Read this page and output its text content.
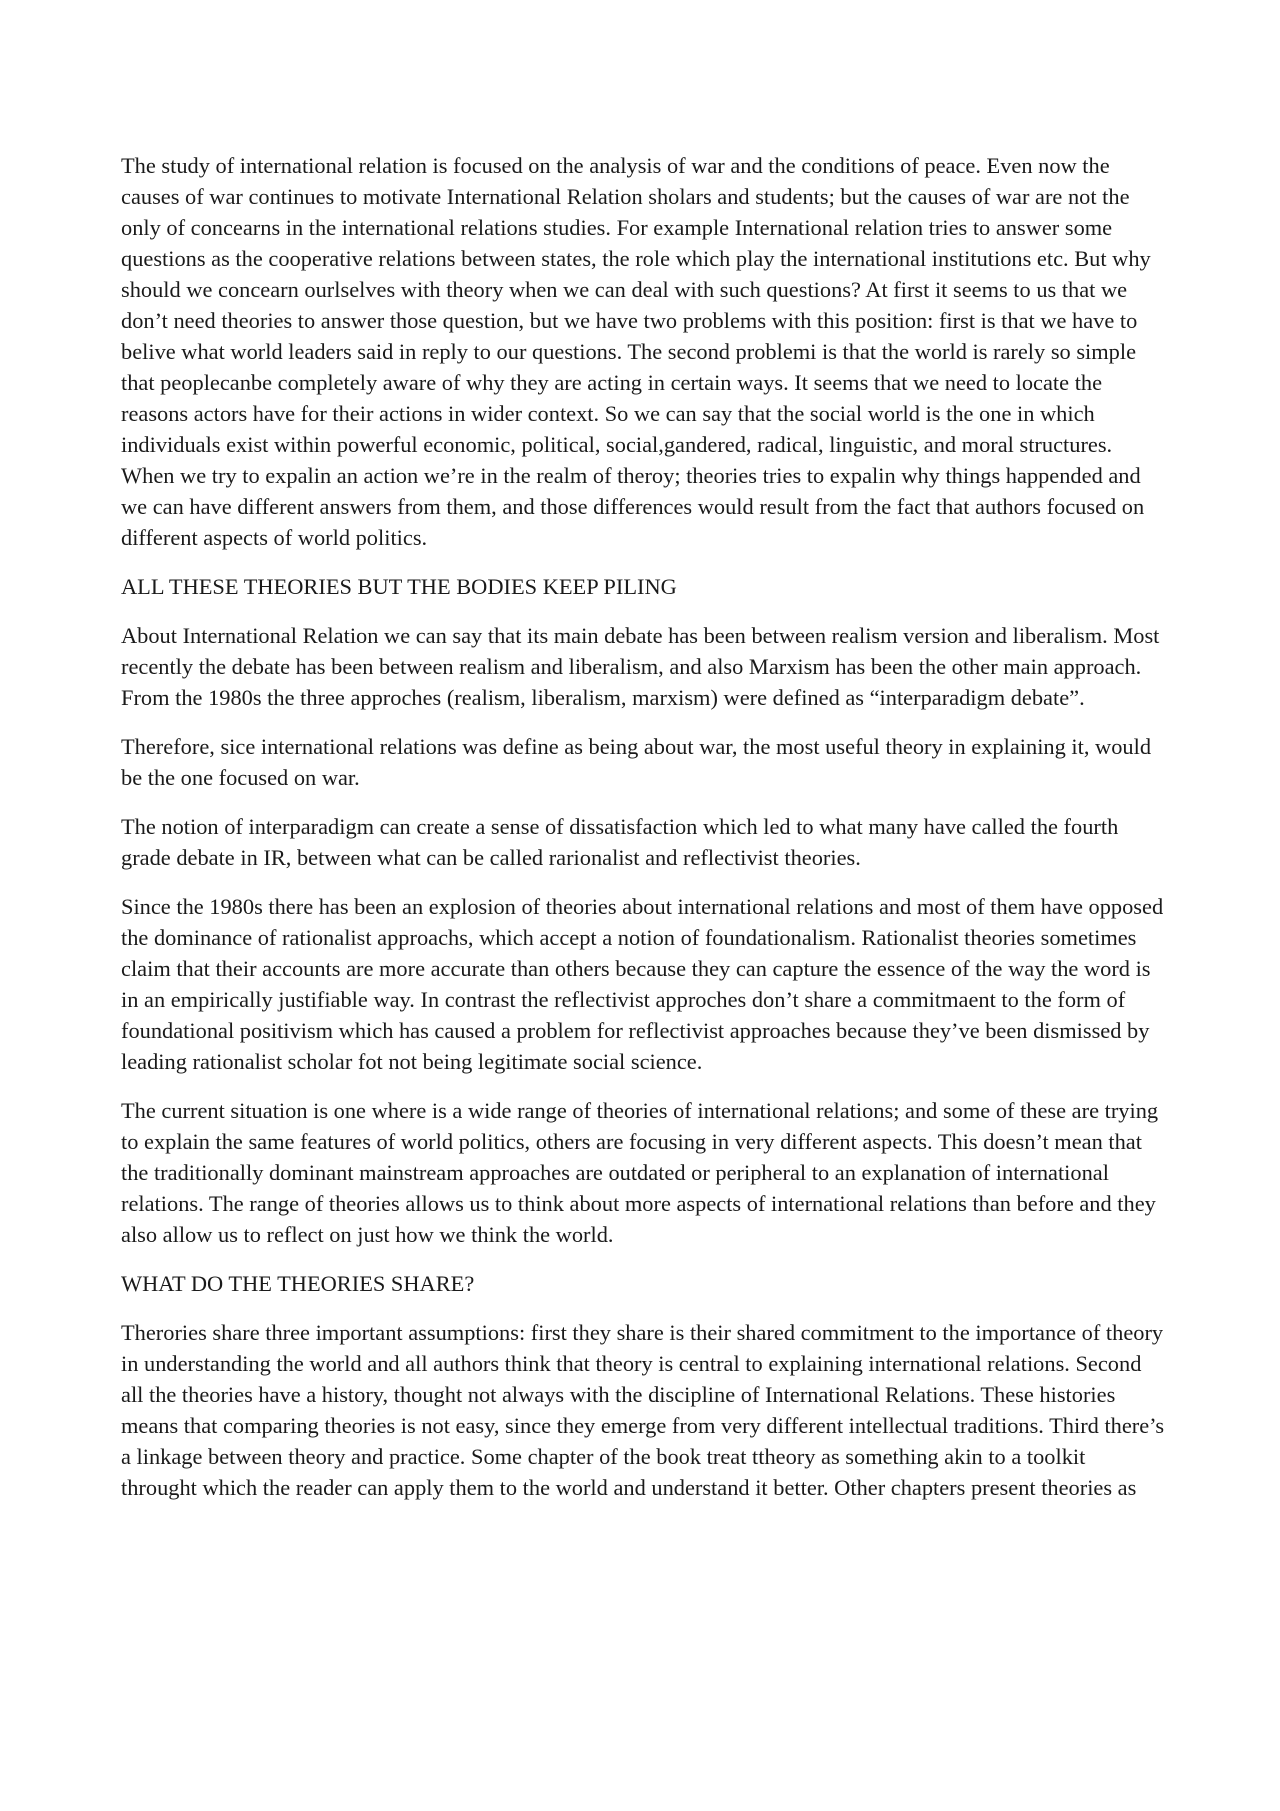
The study of international relation is focused on the analysis of war and the conditions of peace. Even now the causes of war continues to motivate International Relation sholars and students; but the causes of war are not the only of concearns in the international relations studies. For example International relation tries to answer some questions as the cooperative relations between states, the role which play the international institutions etc. But why should we concearn ourlselves with theory when we can deal with such questions? At first it seems to us that we don’t need theories to answer those question, but we have two problems with this position: first is that we have to belive what world leaders said in reply to our questions. The second problemi is that the world is rarely so simple that peoplecanbe completely aware of why they are acting in certain ways. It seems that we need to locate the reasons actors have for their actions in wider context. So we can say that the social world is the one in which individuals exist within powerful economic, political, social,gandered, radical, linguistic, and moral structures. When we try to expalin an action we’re in the realm of theroy; theories tries to expalin why things happended and we can have different answers from them, and those differences would result from the fact that authors focused on different aspects of world politics.

ALL THESE THEORIES BUT THE BODIES KEEP PILING

About International Relation we can say that its main debate has been between realism version and liberalism. Most recently the debate has been between realism and liberalism, and also Marxism has been the other main approach. From the 1980s the three approches (realism, liberalism, marxism) were defined as “interparadigm debate”.

Therefore, sice international relations was define as being about war, the most useful theory in explaining it, would be the one focused on war.

The notion of interparadigm can create a sense of dissatisfaction which led to what many have called the fourth grade debate in IR, between what can be called rarionalist and reflectivist theories.

Since the 1980s there has been an explosion of theories about international relations and most of them have opposed the dominance of rationalist approachs, which accept a notion of foundationalism. Rationalist theories sometimes claim that their accounts are more accurate than others because they can capture the essence of the way the word is in an empirically justifiable way. In contrast the reflectivist approches don’t share a commitmaent to the form of foundational positivism which has caused a problem for reflectivist approaches because they’ve been dismissed by leading rationalist scholar fot not being legitimate social science.

The current situation is one where is a wide range of theories of international relations; and some of these are trying to explain the same features of world politics, others are focusing in very different aspects. This doesn’t mean that the traditionally dominant mainstream approaches are outdated or peripheral to an explanation of international relations. The range of theories allows us to think about more aspects of international relations than before and they also allow us to reflect on just how we think the world.

WHAT DO THE THEORIES SHARE?

Therories share three important assumptions: first they share is their shared commitment to the importance of theory in understanding the world and all authors think that theory is central to explaining international relations. Second all the theories have a history, thought not always with the discipline of International Relations. These histories means that comparing theories is not easy, since they emerge from very different intellectual traditions. Third there’s a linkage between theory and practice. Some chapter of the book treat ttheory as something akin to a toolkit throught which the reader can apply them to the world and understand it better. Other chapters present theories as
